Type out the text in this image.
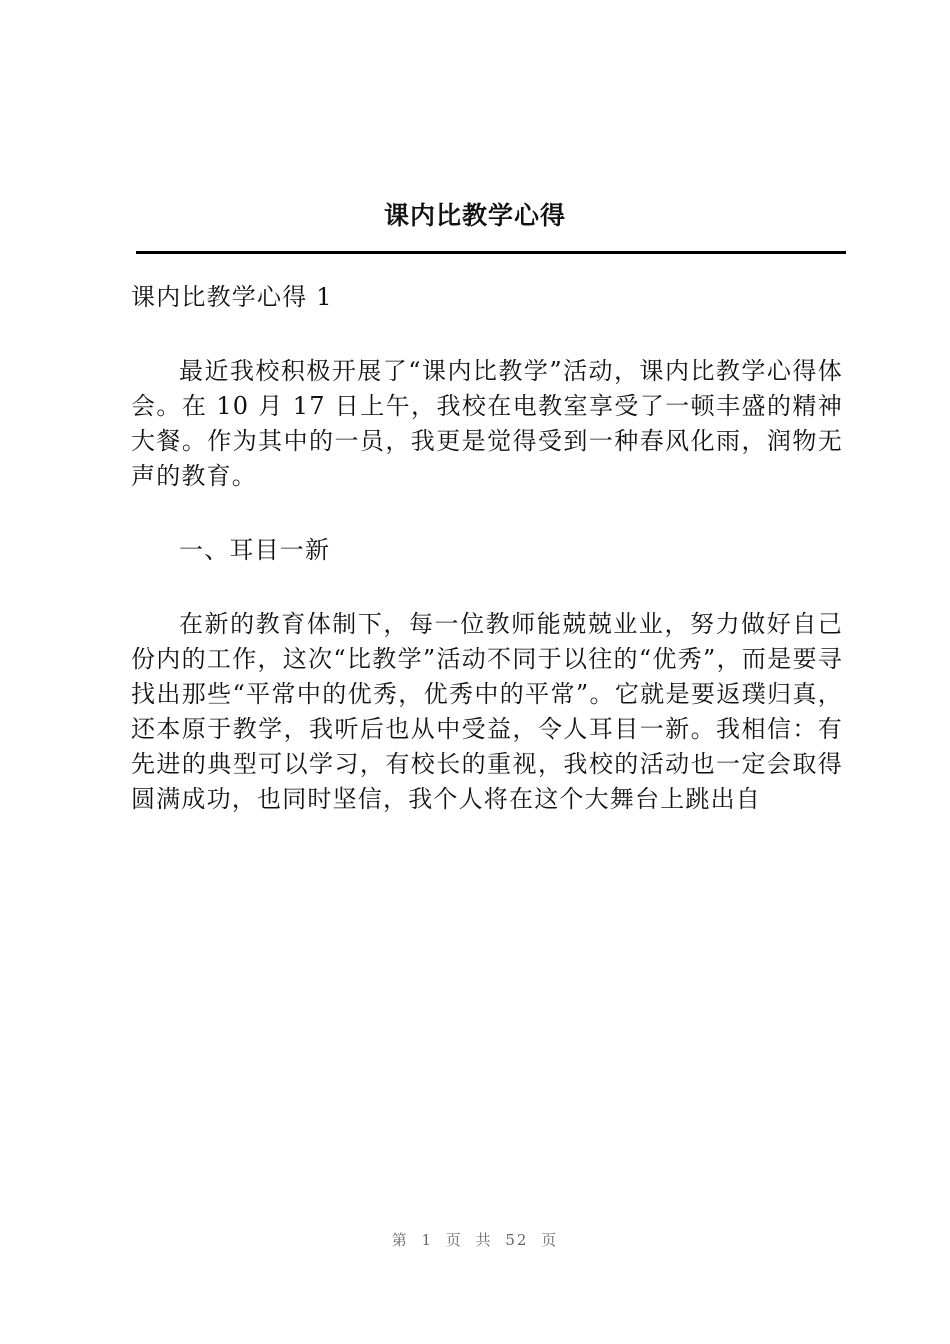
课内比教学心得

课内比教学心得 1

最近我校积极开展了“课内比教学”活动，课内比教学心得体会。在 10 月 17 日上午，我校在电教室享受了一顿丰盛的精神大餐。作为其中的一员，我更是觉得受到一种春风化雨，润物无声的教育。

一、耳目一新

在新的教育体制下，每一位教师能兢兢业业，努力做好自己份内的工作，这次“比教学”活动不同于以往的“优秀”，而是要寻找出那些“平常中的优秀，优秀中的平常”。它就是要返璞归真，还本原于教学，我听后也从中受益，令人耳目一新。我相信：有先进的典型可以学习，有校长的重视，我校的活动也一定会取得圆满成功，也同时坚信，我个人将在这个大舞台上跳出自

第 1 页 共 52 页
